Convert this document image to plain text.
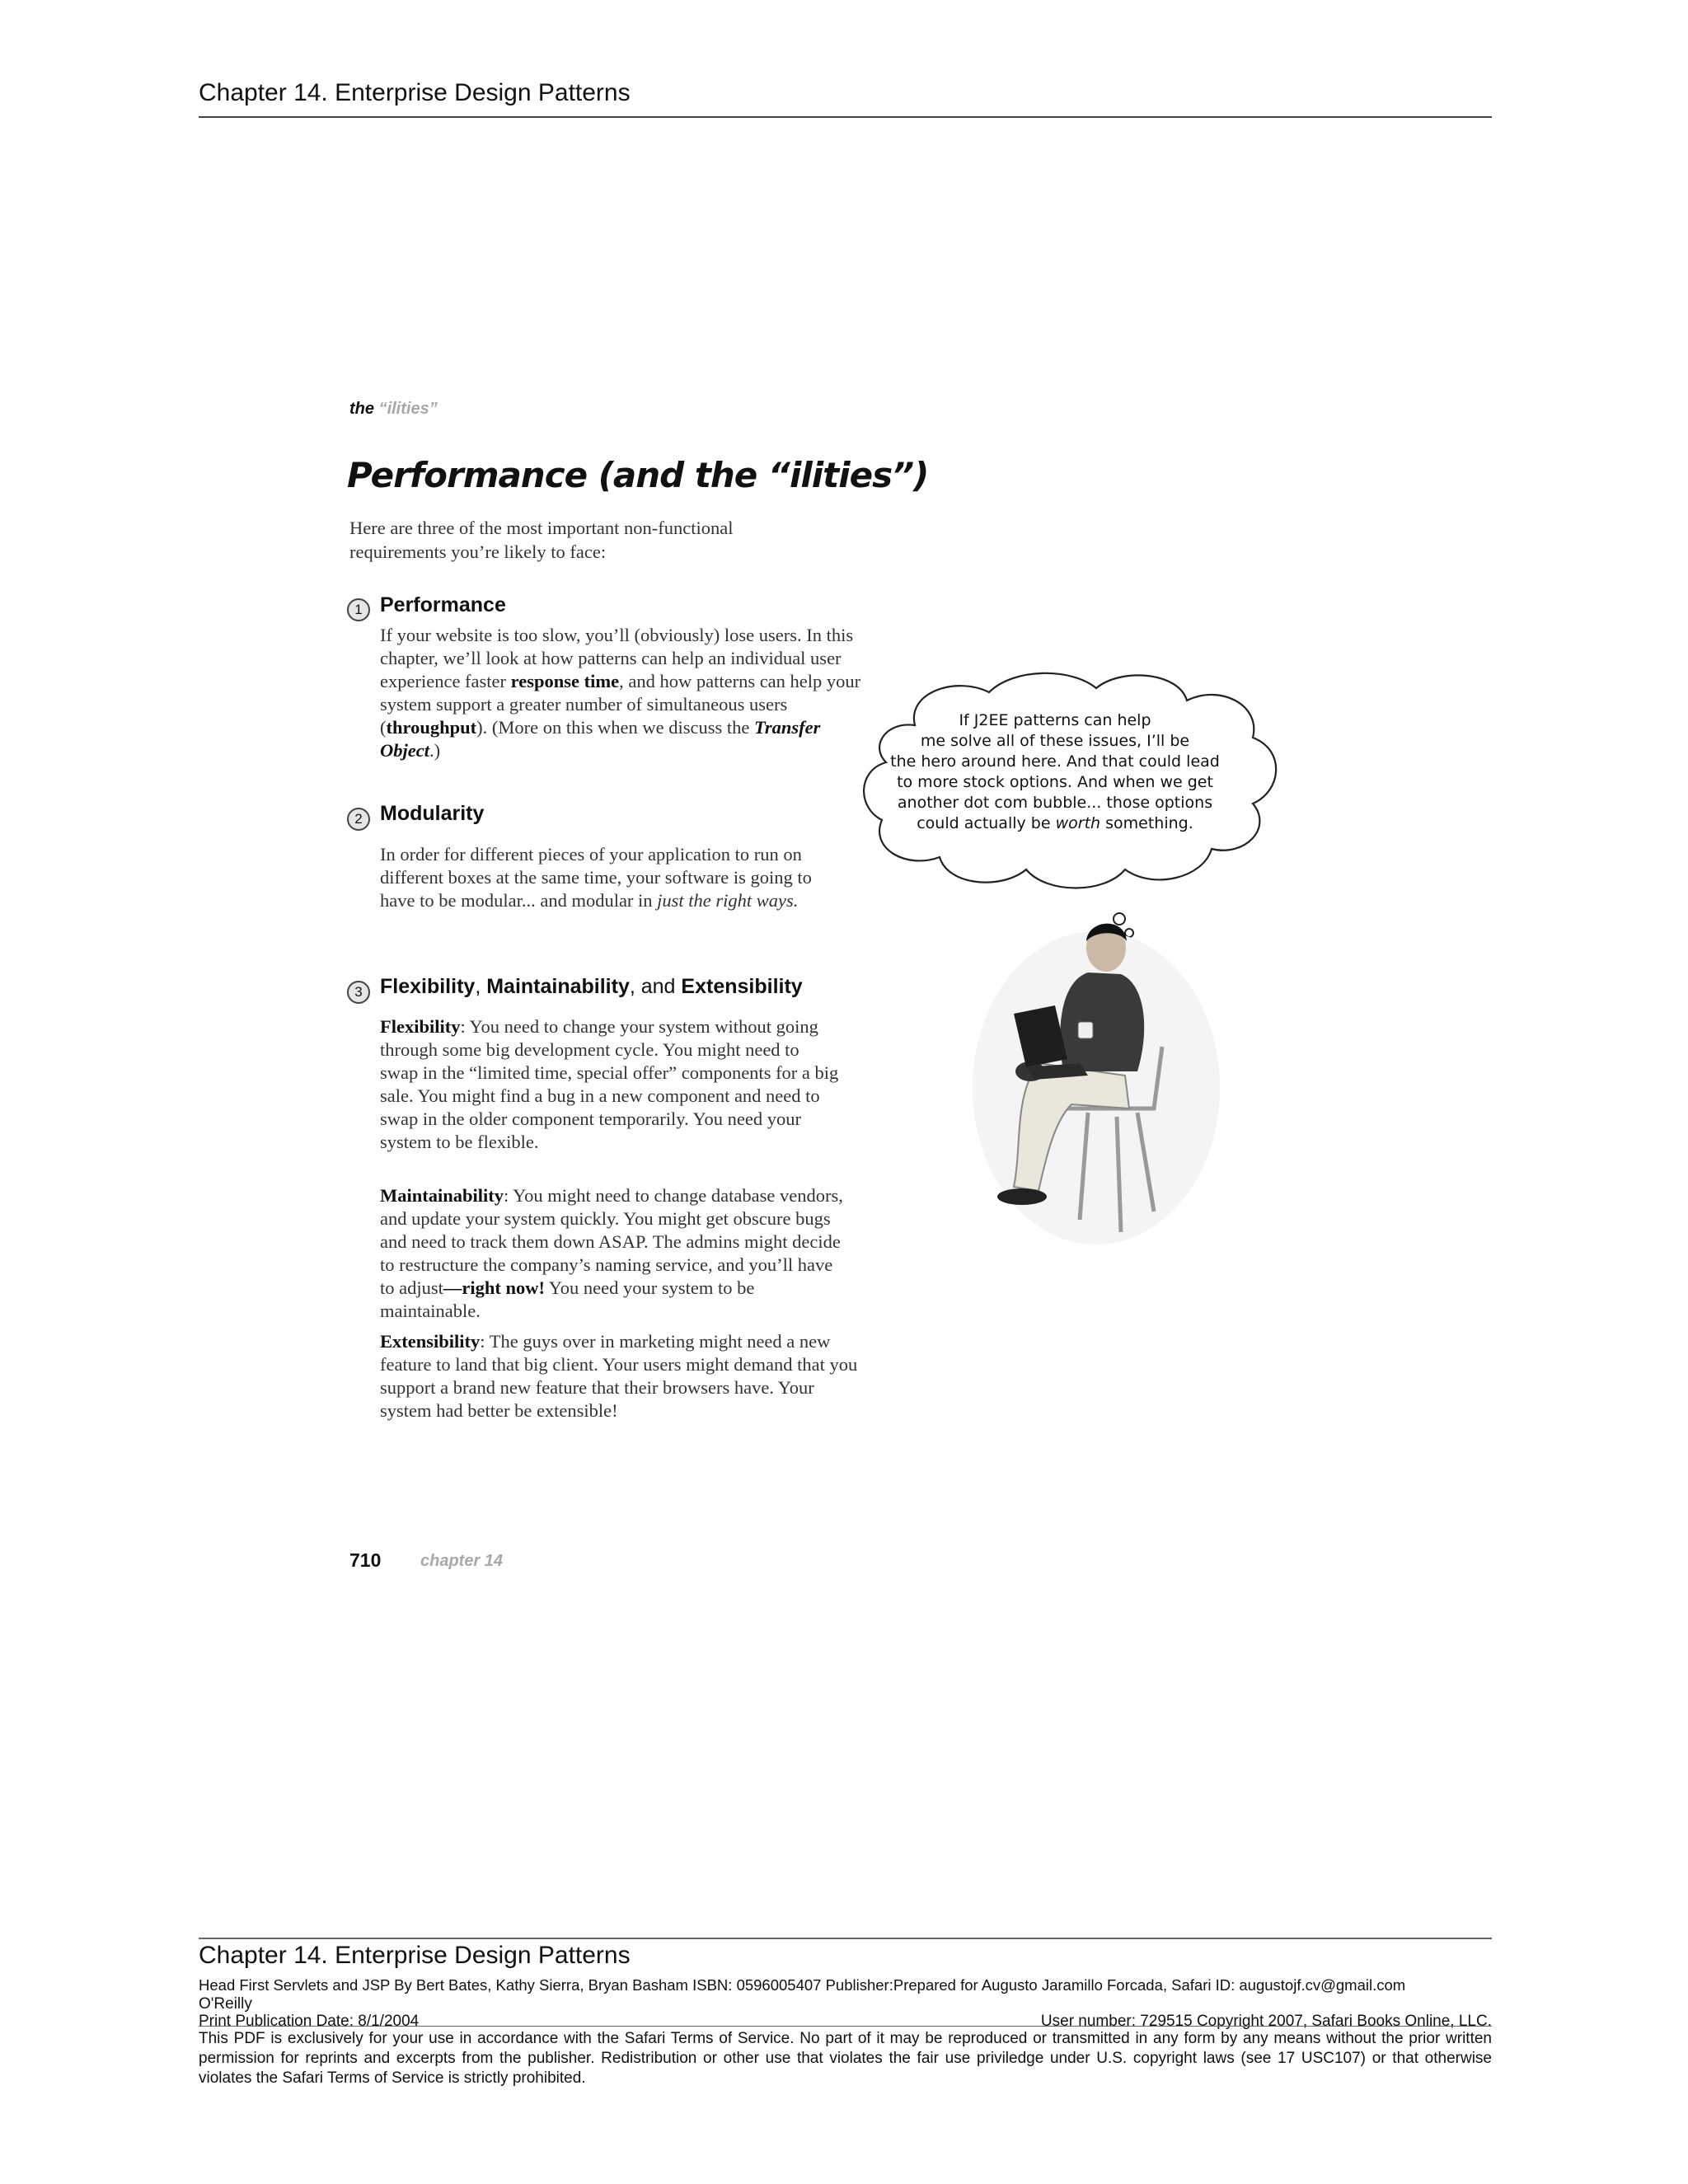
Chapter 14. Enterprise Design Patterns
the “ilities”
Performance (and the “ilities”)
Here are three of the most important non-functional
requirements you’re likely to face:
1 Performance
If your website is too slow, you’ll (obviously) lose users. In this chapter, we’ll look at how patterns can help an individual user experience faster response time, and how patterns can help your system support a greater number of simultaneous users (throughput). (More on this when we discuss the Transfer Object.)
2 Modularity
In order for different pieces of your application to run on different boxes at the same time, your software is going to have to be modular... and modular in just the right ways.
3 Flexibility, Maintainability, and Extensibility
Flexibility: You need to change your system without going through some big development cycle. You might need to swap in the “limited time, special offer” components for a big sale. You might find a bug in a new component and need to swap in the older component temporarily. You need your system to be flexible.
Maintainability: You might need to change database vendors, and update your system quickly. You might get obscure bugs and need to track them down ASAP. The admins might decide to restructure the company’s naming service, and you’ll have to adjust—right now! You need your system to be maintainable.
Extensibility: The guys over in marketing might need a new feature to land that big client. Your users might demand that you support a brand new feature that their browsers have. Your system had better be extensible!
If J2EE patterns can help
me solve all of these issues, I’ll be
the hero around here. And that could lead
to more stock options. And when we get
another dot com bubble... those options
could actually be worth something.
710 chapter 14
Chapter 14. Enterprise Design Patterns
Head First Servlets and JSP By Bert Bates, Kathy Sierra, Bryan Basham ISBN: 0596005407 Publisher:Prepared for Augusto Jaramillo Forcada, Safari ID: augustojf.cv@gmail.com
O'Reilly
Print Publication Date: 8/1/2004	User number: 729515 Copyright 2007, Safari Books Online, LLC.
This PDF is exclusively for your use in accordance with the Safari Terms of Service. No part of it may be reproduced or transmitted in any form by any means without the prior written permission for reprints and excerpts from the publisher. Redistribution or other use that violates the fair use priviledge under U.S. copyright laws (see 17 USC107) or that otherwise violates the Safari Terms of Service is strictly prohibited.
